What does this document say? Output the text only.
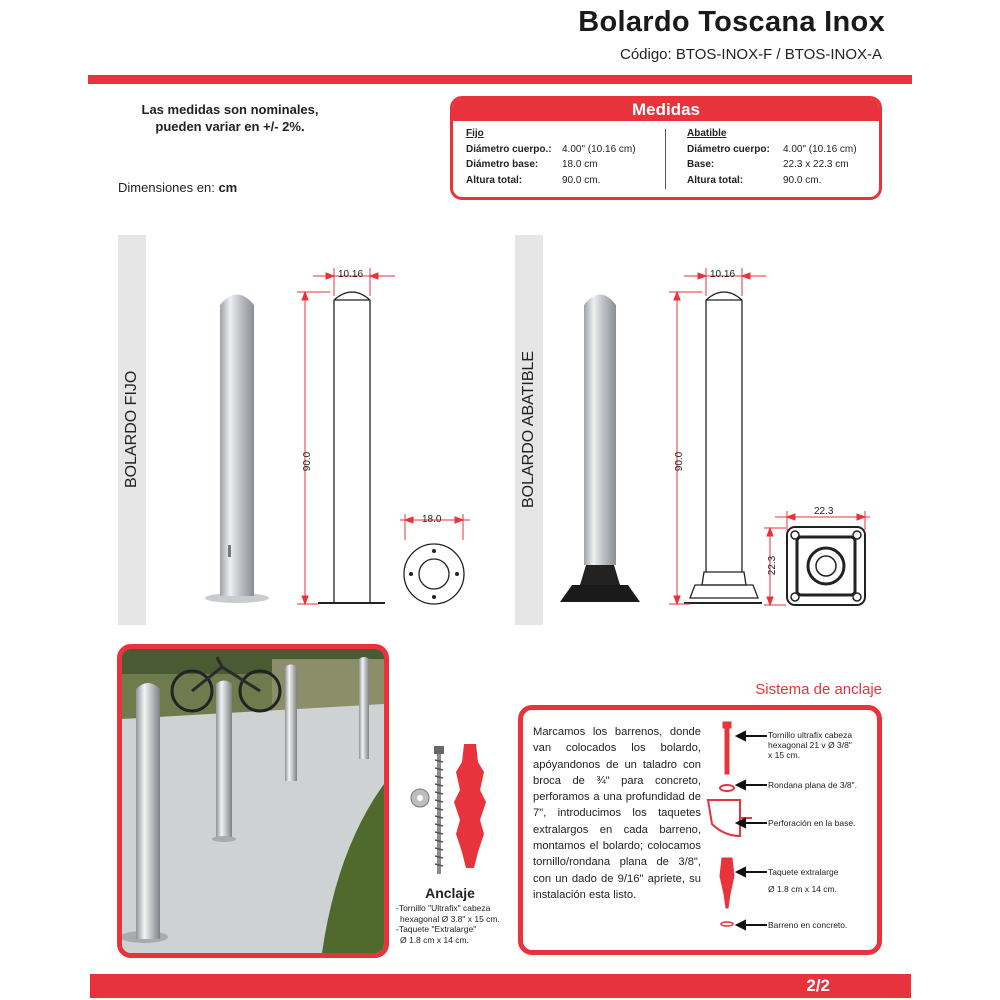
Bolardo Toscana Inox
Código: BTOS-INOX-F / BTOS-INOX-A
Las medidas son nominales,
pueden variar en +/- 2%.
Dimensiones en: cm
Medidas
Fijo
Diámetro cuerpo.: 4.00" (10.16 cm)
Diámetro base: 18.0 cm
Altura total:	90.0 cm.
Abatible
Diámetro cuerpo: 4.00" (10.16 cm)
Base:	22.3 x 22.3 cm
Altura total:	90.0 cm.
BOLARDO FIJO	BOLARDO ABATIBLE
10.16
90.0
18.0
10.16
90.0
22.3
22.3
Anclaje
-Tornillo "Ultrafix" cabeza
hexagonal Ø 3.8" x 15 cm.
-Taquete "Extralarge"
Ø 1.8 cm x 14 cm.
Sistema de anclaje
Marcamos los barrenos, donde van colocados los bolardo, apóyandonos de un taladro con broca de ¾" para concreto, perforamos a una profundidad de 7", introducimos los taquetes extralargos en cada barreno, montamos el bolardo; colocamos tornillo/rondana plana de 3/8", con un dado de 9/16" apriete, su instalación esta listo.
Tornillo ultrafix cabeza
hexagonal 21 v Ø 3/8"
x 15 cm.
Rondana plana de 3/8".
Perforación en la base.
Taquete extralarge
Ø 1.8 cm x 14 cm.
Barreno en concreto.
2/2
